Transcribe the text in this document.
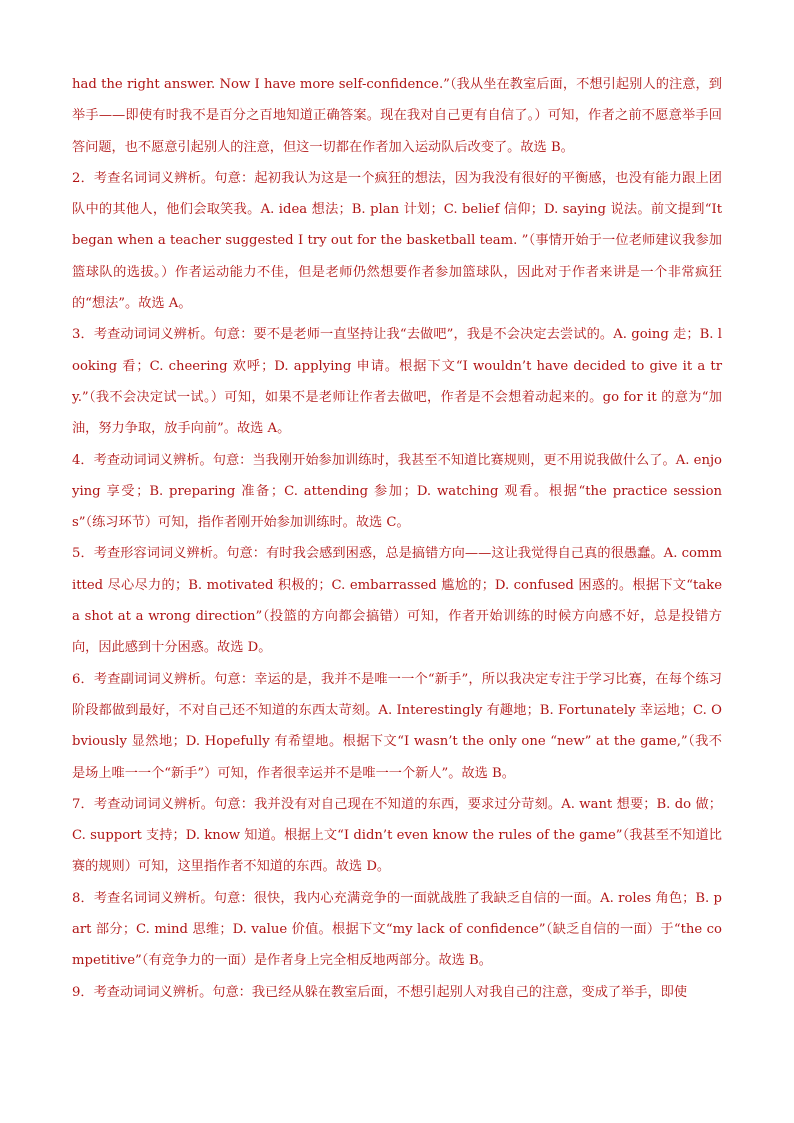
had the right answer. Now I have more self-confidence.”（我从坐在教室后面，不想引起别人的注意，到举手——即使有时我不是百分之百地知道正确答案。现在我对自己更有自信了。）可知，作者之前不愿意举手回答问题，也不愿意引起别人的注意，但这一切都在作者加入运动队后改变了。故选 B。

2．考查名词词义辨析。句意：起初我认为这是一个疯狂的想法，因为我没有很好的平衡感，也没有能力跟上团队中的其他人，他们会取笑我。A. idea 想法；B. plan 计划；C. belief 信仰；D. saying 说法。前文提到“It began when a teacher suggested I try out for the basketball team. ”（事情开始于一位老师建议我参加篮球队的选拔。）作者运动能力不佳，但是老师仍然想要作者参加篮球队，因此对于作者来讲是一个非常疯狂的“想法”。故选 A。

3．考查动词词义辨析。句意：要不是老师一直坚持让我“去做吧”，我是不会决定去尝试的。A. going 走；B. looking 看；C. cheering 欢呼；D. applying 申请。根据下文“I wouldn’t have decided to give it a try.”（我不会决定试一试。）可知，如果不是老师让作者去做吧，作者是不会想着动起来的。go for it 的意为“加油，努力争取，放手向前”。故选 A。

4．考查动词词义辨析。句意：当我刚开始参加训练时，我甚至不知道比赛规则，更不用说我做什么了。A. enjoying 享受；B. preparing 准备；C. attending 参加；D. watching 观看。根据“the practice sessions”（练习环节）可知，指作者刚开始参加训练时。故选 C。

5．考查形容词词义辨析。句意：有时我会感到困惑，总是搞错方向——这让我觉得自己真的很愚蠢。A. committed 尽心尽力的；B. motivated 积极的；C. embarrassed 尴尬的；D. confused 困惑的。根据下文“take a shot at a wrong direction”（投篮的方向都会搞错）可知，作者开始训练的时候方向感不好，总是投错方向，因此感到十分困惑。故选 D。

6．考查副词词义辨析。句意：幸运的是，我并不是唯一一个“新手”，所以我决定专注于学习比赛，在每个练习阶段都做到最好，不对自己还不知道的东西太苛刻。A. Interestingly 有趣地；B. Fortunately 幸运地；C. Obviously 显然地；D. Hopefully 有希望地。根据下文“I wasn’t the only one “new” at the game,”（我不是场上唯一一个“新手”）可知，作者很幸运并不是唯一一个新人”。故选 B。

7．考查动词词义辨析。句意：我并没有对自己现在不知道的东西，要求过分苛刻。A. want 想要；B. do 做；C. support 支持；D. know 知道。根据上文“I didn’t even know the rules of the game”（我甚至不知道比赛的规则）可知，这里指作者不知道的东西。故选 D。

8．考查名词词义辨析。句意：很快，我内心充满竞争的一面就战胜了我缺乏自信的一面。A. roles 角色；B. part 部分；C. mind 思维；D. value 价值。根据下文“my lack of confidence”（缺乏自信的一面）于“the competitive”（有竞争力的一面）是作者身上完全相反地两部分。故选 B。

9．考查动词词义辨析。句意：我已经从躲在教室后面，不想引起别人对我自己的注意，变成了举手，即使
